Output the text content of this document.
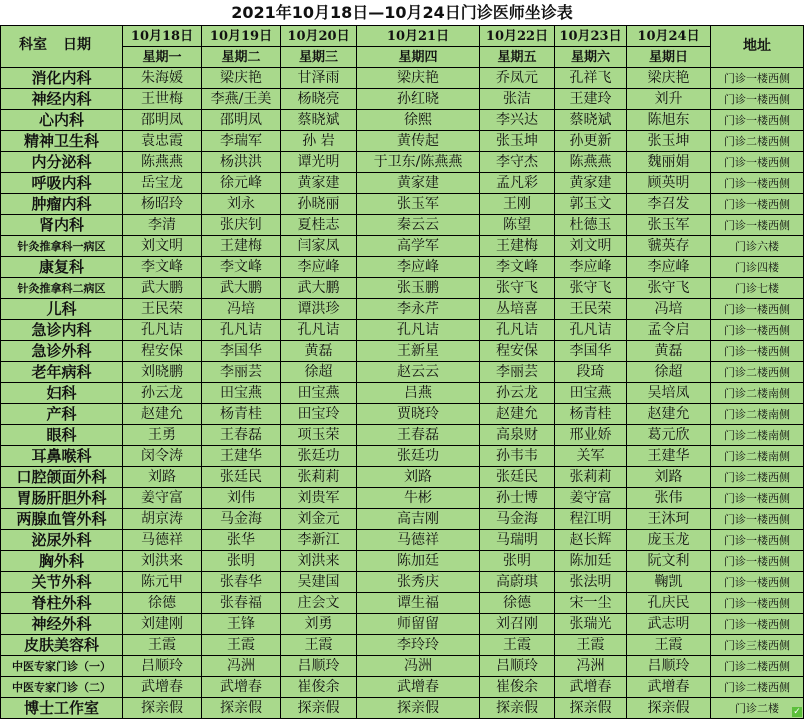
2021年10月18日—10月24日门诊医师坐诊表
科室 日期	10月18日	10月19日	10月20日	10月21日	10月22日	10月23日	10月24日	地址
	星期一	星期二	星期三	星期四	星期五	星期六	星期日	
消化内科	朱海媛	梁庆艳	甘泽雨	梁庆艳	乔凤元	孔祥飞	梁庆艳	门诊一楼西侧
神经内科	王世梅	李燕/王美	杨晓亮	孙红晓	张洁	王建玲	刘升	门诊一楼西侧
心内科	邵明凤	邵明凤	蔡晓斌	徐熙	李兴达	蔡晓斌	陈旭东	门诊一楼西侧
精神卫生科	袁忠霞	李瑞军	孙 岩	黄传起	张玉坤	孙更新	张玉坤	门诊二楼西侧
内分泌科	陈燕燕	杨洪洪	谭光明	于卫东/陈燕燕	李守杰	陈燕燕	魏丽娟	门诊一楼西侧
呼吸内科	岳宝龙	徐元峰	黄家建	黄家建	孟凡彩	黄家建	顾英明	门诊一楼西侧
肿瘤内科	杨昭玲	刘永	孙晓丽	张玉军	王刚	郭玉文	李召发	门诊一楼西侧
肾内科	李清	张庆钊	夏桂志	秦云云	陈望	杜德玉	张玉军	门诊一楼西侧
针灸推拿科一病区	刘文明	王建梅	闫家凤	高学军	王建梅	刘文明	虢英存	门诊六楼
康复科	李文峰	李文峰	李应峰	李应峰	李文峰	李应峰	李应峰	门诊四楼
针灸推拿科二病区	武大鹏	武大鹏	武大鹏	张玉鹏	张守飞	张守飞	张守飞	门诊七楼
儿科	王民荣	冯培	谭洪珍	李永芹	丛培喜	王民荣	冯培	门诊一楼西侧
急诊内科	孔凡诘	孔凡诘	孔凡诘	孔凡诘	孔凡诘	孔凡诘	孟令启	门诊一楼西侧
急诊外科	程安保	李国华	黄磊	王新星	程安保	李国华	黄磊	门诊一楼西侧
老年病科	刘晓鹏	李丽芸	徐超	赵云云	李丽芸	段琦	徐超	门诊二楼西侧
妇科	孙云龙	田宝燕	田宝燕	吕燕	孙云龙	田宝燕	吴培凤	门诊二楼南侧
产科	赵建允	杨青桂	田宝玲	贾晓玲	赵建允	杨青桂	赵建允	门诊二楼南侧
眼科	王勇	王春磊	项玉荣	王春磊	高泉财	邢业娇	葛元欣	门诊二楼南侧
耳鼻喉科	闵令涛	王建华	张廷功	张廷功	孙韦韦	关军	王建华	门诊二楼南侧
口腔颌面外科	刘路	张廷民	张莉莉	刘路	张廷民	张莉莉	刘路	门诊二楼西侧
胃肠肝胆外科	姜守富	刘伟	刘贵军	牛彬	孙士博	姜守富	张伟	门诊一楼西侧
两腺血管外科	胡京涛	马金海	刘金元	高吉刚	马金海	程江明	王沐珂	门诊一楼西侧
泌尿外科	马德祥	张华	李新江	马德祥	马瑞明	赵长辉	庞玉龙	门诊一楼西侧
胸外科	刘洪来	张明	刘洪来	陈加廷	张明	陈加廷	阮文利	门诊一楼西侧
关节外科	陈元甲	张春华	吴建国	张秀庆	高蔚琪	张法明	鞠凯	门诊一楼西侧
脊柱外科	徐德	张春福	庄会文	谭生福	徐德	宋一尘	孔庆民	门诊一楼西侧
神经外科	刘建刚	王锋	刘勇	师留留	刘召刚	张瑞光	武志明	门诊一楼西侧
皮肤美容科	王霞	王霞	王霞	李玲玲	王霞	王霞	王霞	门诊三楼西侧
中医专家门诊（一）	吕顺玲	冯洲	吕顺玲	冯洲	吕顺玲	冯洲	吕顺玲	门诊二楼西侧
中医专家门诊（二）	武增春	武增春	崔俊余	武增春	崔俊余	武增春	武增春	门诊二楼西侧
博士工作室	探亲假	探亲假	探亲假	探亲假	探亲假	探亲假	探亲假	门诊二楼 ✓
